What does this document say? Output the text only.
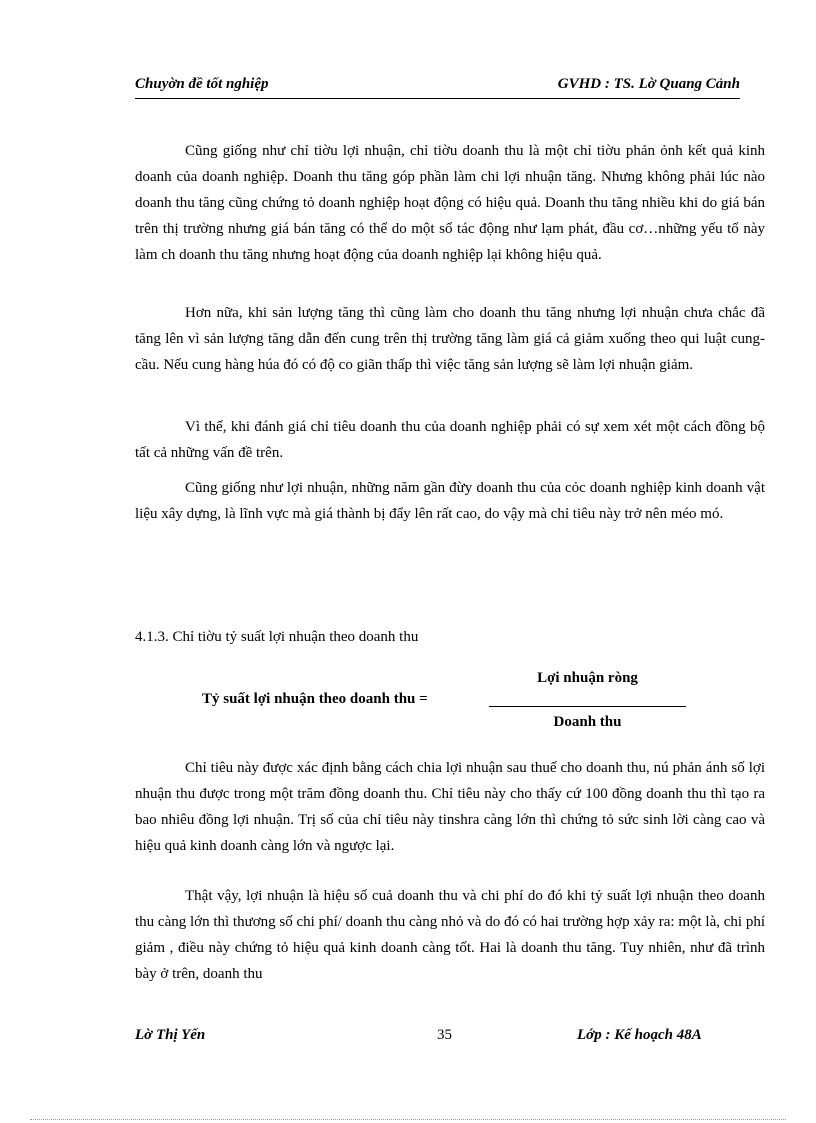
Chuyờn đề tốt nghiệp	GVHD : TS. Lờ Quang Cảnh

Cũng giống như chỉ tiờu lợi nhuận, chỉ tiờu doanh thu là một chỉ tiờu phản ỏnh kết quả kinh doanh của doanh nghiệp. Doanh thu tăng góp phần làm chi lợi nhuận tăng. Nhưng không phải lúc nào doanh thu tăng cũng chứng tỏ doanh nghiệp hoạt động có hiệu quả. Doanh thu tăng nhiều khi do giá bán trên thị trường nhưng giá bán tăng có thể do một số tác động như lạm phát, đầu cơ…những yếu tố này làm ch doanh thu tăng nhưng hoạt động của doanh nghiệp lại không hiệu quả.

Hơn nữa, khi sản lượng tăng thì cũng làm cho doanh thu tăng nhưng lợi nhuận chưa chắc đã tăng lên vì sản lượng tăng dẫn đến cung trên thị trường tăng làm giá cả giảm xuống theo qui luật cung- cầu. Nếu cung hàng húa đó có độ co giãn thấp thì việc tăng sản lượng sẽ làm lợi nhuận giảm.

Vì thế, khi đánh giá chỉ tiêu doanh thu của doanh nghiệp phải có sự xem xét một cách đồng bộ tất cả những vấn đề trên.

Cũng giống như lợi nhuận, những năm gần đừy doanh thu của cỏc doanh nghiệp kinh doanh vật liệu xây dựng, là lĩnh vực mà giá thành bị đẩy lên rất cao, do vậy mà chỉ tiêu này trở nên méo mó.

4.1.3. Chỉ tiờu tỷ suất lợi nhuận theo doanh thu

Tỷ suất lợi nhuận theo doanh thu =
Lợi nhuận ròng
Doanh thu

Chỉ tiêu này được xác định bằng cách chia lợi nhuận sau thuế cho doanh thu, nú phản ánh số lợi nhuận thu được trong một trăm đồng doanh thu. Chỉ tiêu này cho thấy cứ 100 đồng doanh thu thì tạo ra bao nhiêu đồng lợi nhuận. Trị số của chỉ tiêu này tinshra càng lớn thì chứng tỏ sức sinh lời càng cao và hiệu quả kinh doanh càng lớn và ngược lại.

Thật vậy, lợi nhuận là hiệu số cuả doanh thu và chi phí do đó khi tỷ suất lợi nhuận theo doanh thu càng lớn thì thương số chi phí/ doanh thu càng nhỏ và do đó có hai trường hợp xảy ra: một là, chi phí giảm , điều này chứng tỏ hiệu quả kinh doanh càng tốt. Hai là doanh thu tăng. Tuy nhiên, như đã trình bày ở trên, doanh thu

Lờ Thị Yến	35	Lớp : Kế hoạch 48A
